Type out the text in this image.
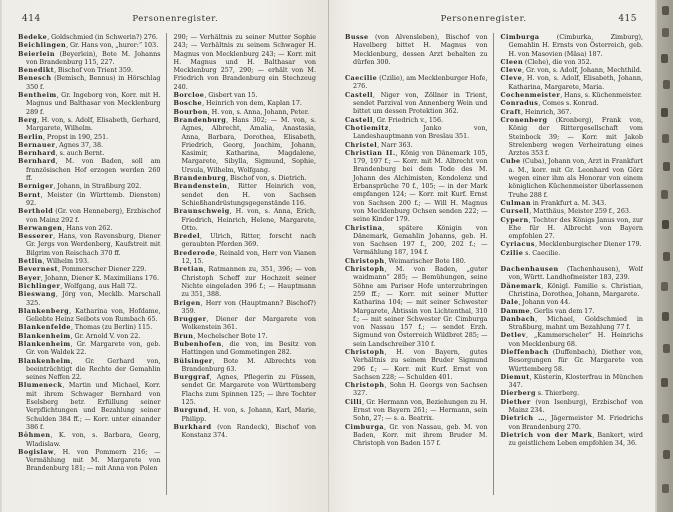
414	Personenregister.
Bedeke, Goldschmied (in Schwerin?) 276.
Beichlingen, Gr. Hans von, „hurer:“ 103.
Beierlein (Beyerlein), Bote M. Johanns von Brandenburg 115, 227.
Benedikt, Bischof von Trient 359.
Benesch (Bemisch, Bennus) in Hörschlag 350 f.
Bentheim, Gr. Ingeborg von, Korr. mit H. Magnus und Balthasar von Mecklenburg 289 f.
Berg, H. von, s. Adolf, Elisabeth, Gerhard, Margarete, Wilhelm.
Berlin, Propst in 190, 251.
Bernauer, Agnes 37, 38.
Bernhard, s. auch Bernt.
Bernhard, M. von Baden, soll am französischen Hof erzogen werden 260 ff.
Berniger, Johann, in Straßburg 202.
Bernt, Meister (in Württemb. Diensten) 92.
Berthold (Gr. von Henneberg), Erzbischof von Mainz 292 f.
Berwangen, Hans von 262.
Besserer, Hans, von Ravensburg, Diener Gr. Jergs von Werdenberg, Kaufstreit mit Bilgrim von Reischach 370 ff.
Betlin, Wilhelm 193.
Bevernest, Pommerscher Diener 229.
Beyer, Johann, Diener K. Maximilians 176.
Bichlinger, Wolfgang, aus Hall 72.
Bieswang, Jörg von, Mecklb. Marschall 325.
Blankenberg, Katharina von, Hofdame, Geliebte Heinz Seibots von Rumbach 65.
Blankenfelde, Thomas (zu Berlin) 115.
Blankenheim, Gr. Arnold V. von 22.
Blankenheim, Gr. Margarete von, geb. Gr. von Waldek 22.
Blankenheim, Gr. Gerhard von, beeinträchtigt die Rechte der Gemahlin seines Neffen 22.
Blumeneck, Martin und Michael, Korr. mit ihrem Schwager Bernhard von Eselsberg betr. Erfüllung seiner Verpflichtungen und Bezahlung seiner Schulden 384 ff.; — Korr. unter einander 386 f.
Böhmen, K. von, s. Barbara, Georg, Wladislaw.
Bogislaw, H. von Pommern 216; — Vermählung mit M. Margarete von Brandenburg 181; — mit Anna von Polen
290; — Verhältnis zu seiner Mutter Sophie 243; — Verhältnis zu seinem Schwager H. Magnus von Mecklenburg 243; — Korr. mit H. Magnus und H. Balthasar von Mecklenburg 257, 290; — erhält von M. Friedrich von Brandenburg ein Stechzeug 240.
Borcloe, Gisbert van 15.
Bosche, Heinrich von dem, Kaplan 17.
Bourbon, H. von, s. Anna, Johann, Peter.
Brandenburg, Hans 302; — M. von, s. Agnes, Albrecht, Amalia, Anastasia, Anna, Barbara, Dorothea, Elisabeth, Friedrich, Georg, Joachim, Johann, Kasimir, Katharina, Magdalene, Margarete, Sibylla, Sigmund, Sophie, Ursula, Wilhelm, Wolfgang.
Brandenburg, Bischof von, s. Dietrich.
Brandenstein, Ritter Heinrich von, sendet den H. von Sachsen Schießhandrüstungsgegenstände 116.
Braunschweig, H. von, s. Anna, Erich, Friedrich, Heinrich, Helene, Margarete, Otto.
Bredel, Ulrich, Ritter, forscht nach geraubten Pferden 369.
Brederode, Reinald von, Herr von Vianen 12, 15.
Bretian, Ratmannen zu, 351, 396; — von Christoph Scheff zur Hochzeit seiner Nichte eingeladen 396 f.; — Hauptmann zu 351, 388.
Brigen, Herr von (Hauptmann? Bischof?) 359.
Brugger, Diener der Margarete von Wolkenstein 361.
Brun, Mechelscher Bote 17.
Bubenhofen, die von, im Besitz von Hattingen und Gommetingen 282.
Bülsinger, Bote M. Albrechts von Brandenburg 63.
Burggraf, Agnes, Pflegerin zu Füssen, sendet Gr. Margarete von Württemberg Flachs zum Spinnen 125; — ihre Tochter 125.
Burgund, H. von, s. Johann, Karl, Marie, Philipp.
Burkhard (von Randeck), Bischof von Konstanz 374.
Personenregister.	415
Busse (von Alvensleben), Bischof von Havelberg bittet H. Magnus von Mecklenburg, dessen Arzt behalten zu dürfen 300.
Caecilie (Czilie), am Mecklenburger Hofe, 276.
Castell, Niger von, Zöllner in Trient, sendet Parzival von Annenberg Wein und bittet um dessen Protektion 362.
Castell, Gr. Friedrich v., 156.
Chotiemitz, Janko von, Landeshauptmann von Breslau 351.
Christel, Narr 363.
Christian II., König von Dänemark 105, 179, 197 f.; — Korr. mit M. Albrecht von Brandenburg bei dem Tode des M. Johann des Alchimisten, Kondolenz und Erbansprüche 70 f., 105; — in der Mark empfangen 124; — Korr. mit Kurf. Ernst von Sachsen 200 f.; — Will H. Magnus von Mecklenburg Ochsen senden 222; — seine Kinder 179.
Christina, spätere Königin von Dänemark, Gemahlin Johanns, geb. H. von Sachsen 197 f., 200, 202 f.; — Vermählung 187, 194 f.
Christoph, Weimarischer Bote 180.
Christoph, M. von Baden, „guter waidmann“ 285; — Bemühungen, seine Söhne am Pariser Hofe unterzubringen 259 ff.; — Korr. mit seiner Mutter Katharina 104; — mit seiner Schwester Margarete, Äbtissin von Lichtenthal, 310 f.; — mit seiner Schwester Gr. Cimburga von Nassau 157 f.; — sendet Erzh. Sigmund von Österreich Wildbret 285; — sein Landschreiber 310 f.
Christoph, H. von Bayern, gutes Verhältnis zu seinem Bruder Sigmund 296 f.; — Korr. mit Kurf. Ernst von Sachsen 228; — Schulden 401.
Christoph, Sohn H. Georgs von Sachsen 327.
Cilli, Gr. Hermann von, Beziehungen zu H. Ernst von Bayern 261; — Hermann, sein Sohn, 27; — s. a. Beatrix.
Cimburga, Gr. von Nassau, geb. M. von Baden, Korr. mit ihrem Bruder M. Christoph von Baden 157 f.
Cimburga (Cimburka, Zimburg), Gemahlin H. Ernsts von Österreich, geb. H. von Masovien (Mäsa) 187.
Cleen (Clehe), die von 352.
Cleve, Gr. von, s. Adolf, Johann, Mechthild.
Cleve, H. von, s. Adolf, Elisabeth, Johann, Katharina, Margarete, Maria.
Cochenmeister, Hans, s. Küchenmeister.
Conradus, Comes s. Konrad.
Craft, Heinrich, 367.
Cronenberg (Kronberg), Frank von, König der Rittergesellschaft vom Steinbock 39; — Korr. mit Jakob Strelenberg wegen Verheiratung eines Arztes 353 f.
Cube (Cuba), Johann von, Arzt in Frankfurt a. M., korr. mit Gr. Leonhard von Görz wegen einer ihm als Honorar von einem königlichen Küchenmeister überlassenen Truhe 288 f.
Culman in Frankfurt a. M. 343.
Cursell, Matthäus, Meister 259 f., 263.
Cypern, Tochter des Königs Janus von, zur Ehe für H. Albrecht von Bayern empfohlen 27.
Cyriacus, Mecklenburgischer Diener 179.
Czilie s. Caecilie.
Dachenhausen (Tachenhausen), Wolf von, Württ. Landhofmeister 183, 239.
Dänemark, Königl. Familie s. Christian, Christina, Dorothea, Johann, Margarete.
Dale, Johann von 44.
Damme, Gerlis van dem 17.
Danbach, Michael, Goldschmied in Straßburg, mahnt um Bezahlung 77 f.
Detlev, „Kammerscheler“ H. Heinrichs von Mecklenburg 68.
Dieffenbach (Duffenbach), Diether von, Besorgungen für Gr. Margarete von Württemberg 58.
Diemut, Küsterin, Klosterfrau in München 347.
Dierberg s. Thierberg.
Diether (von Isenburg), Erzbischof von Mainz 234.
Dietrich …, Jägermeister M. Friedrichs von Brandenburg 270.
Dietrich von der Mark, Bankert, wird zu geistlichem Leben empfohlen 34, 36.
